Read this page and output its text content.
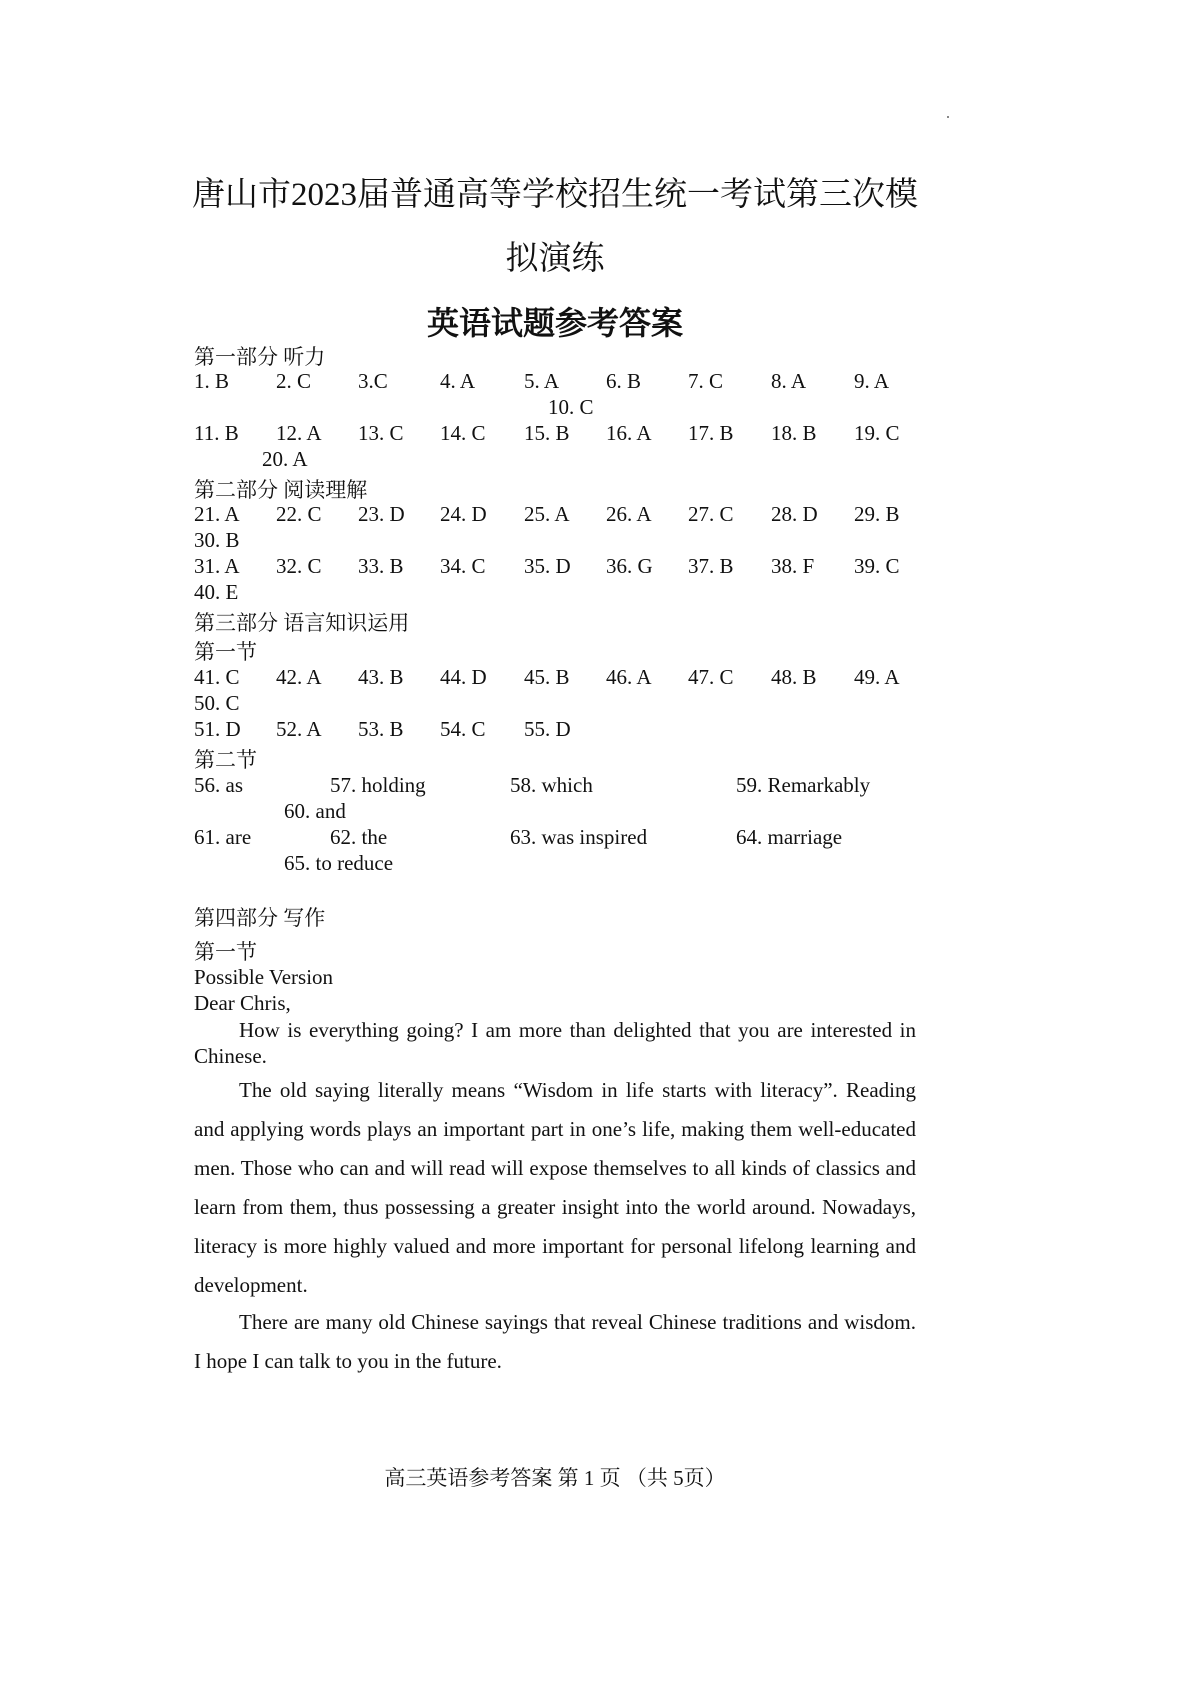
唐山市2023届普通高等学校招生统一考试第三次模
拟演练
英语试题参考答案
第一部分 听力
1. B 2. C 3.C 4. A 5. A 6. B 7. C 8. A 9. A
10. C
11. B 12. A 13. C 14. C 15. B 16. A 17. B 18. B 19. C
20. A
第二部分 阅读理解
21. A 22. C 23. D 24. D 25. A 26. A 27. C 28. D 29. B
30. B
31. A 32. C 33. B 34. C 35. D 36. G 37. B 38. F 39. C
40. E
第三部分 语言知识运用
第一节
41. C 42. A 43. B 44. D 45. B 46. A 47. C 48. B 49. A
50. C
51. D 52. A 53. B 54. C 55. D
第二节
56. as	57. holding	58. which	59. Remarkably
60. and
61. are	62. the	63. was inspired	64. marriage
65. to reduce
第四部分 写作
第一节
Possible Version
Dear Chris,
How is everything going? I am more than delighted that you are interested in Chinese.
The old saying literally means “Wisdom in life starts with literacy”. Reading and applying words plays an important part in one’s life, making them well-educated men. Those who can and will read will expose themselves to all kinds of classics and learn from them, thus possessing a greater insight into the world around. Nowadays, literacy is more highly valued and more important for personal lifelong learning and development.
There are many old Chinese sayings that reveal Chinese traditions and wisdom. I hope I can talk to you in the future.
高三英语参考答案 第 1 页 （共 5页）
